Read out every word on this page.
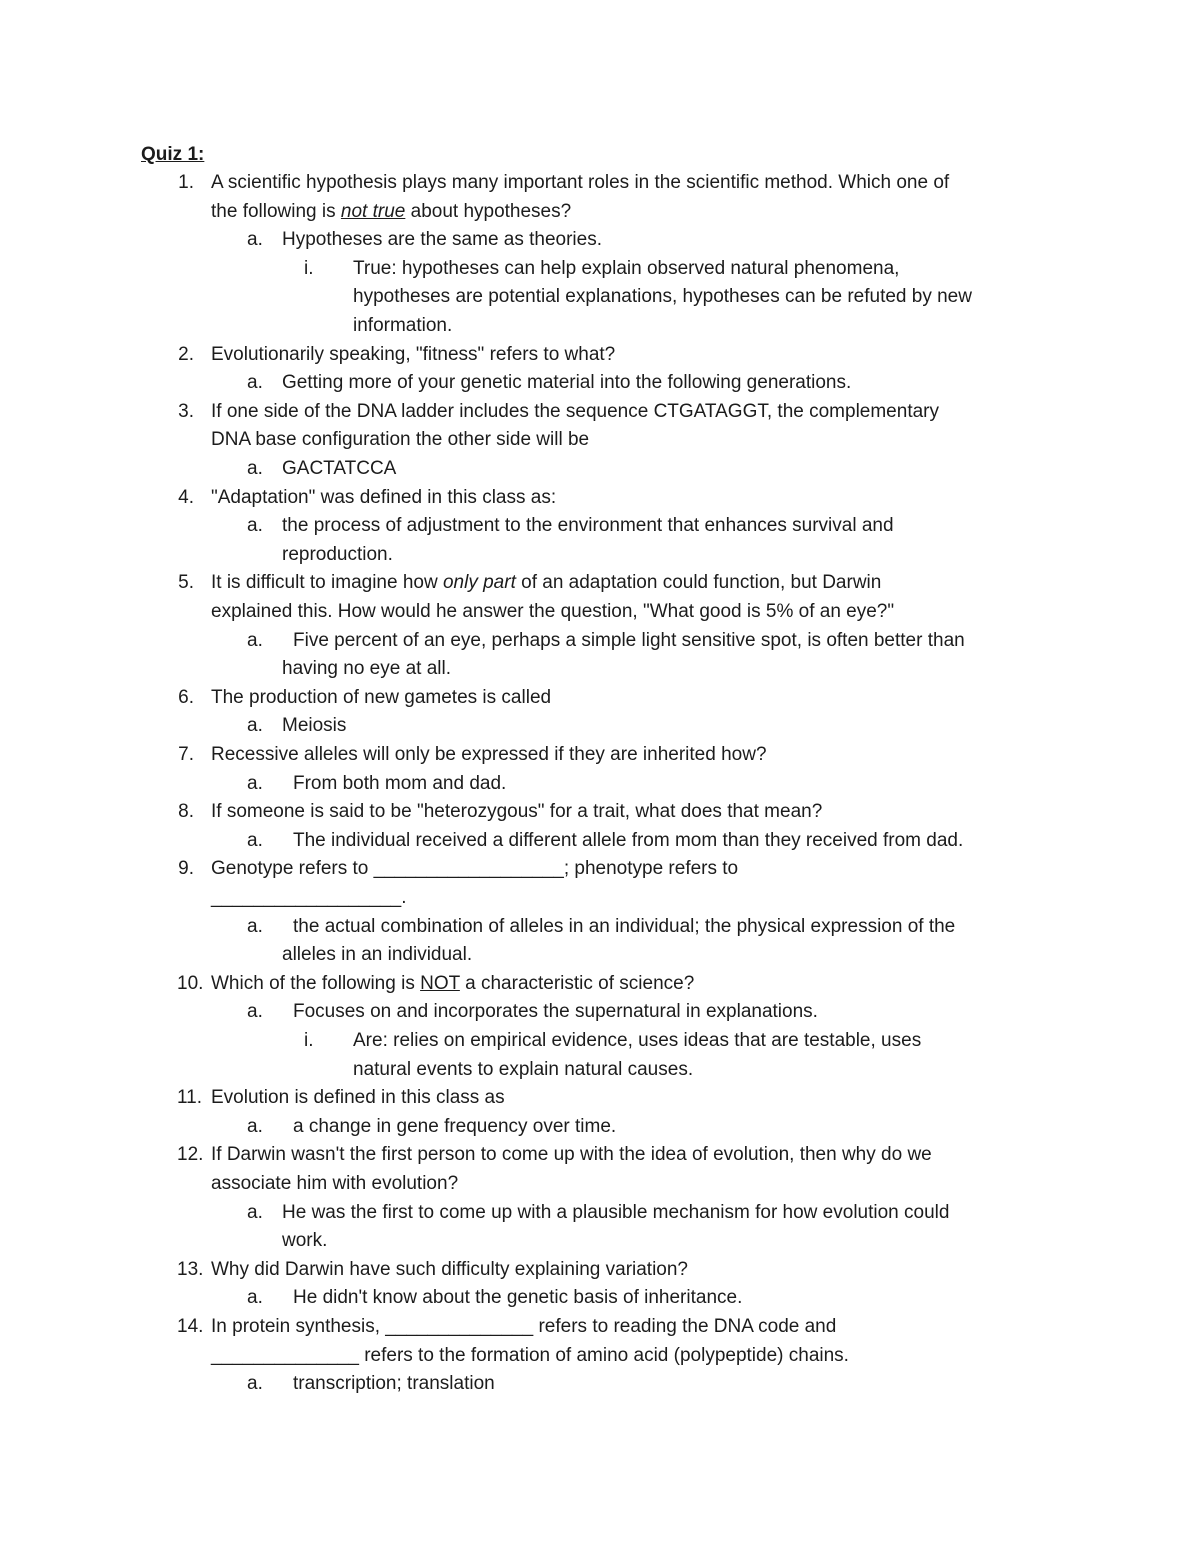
Quiz 1:
1. A scientific hypothesis plays many important roles in the scientific method. Which one of
the following is not true about hypotheses?
a. Hypotheses are the same as theories.
i. True: hypotheses can help explain observed natural phenomena,
hypotheses are potential explanations, hypotheses can be refuted by new
information.
2. Evolutionarily speaking, "fitness" refers to what?
a. Getting more of your genetic material into the following generations.
3. If one side of the DNA ladder includes the sequence CTGATAGGT, the complementary
DNA base configuration the other side will be
a. GACTATCCA
4. "Adaptation" was defined in this class as:
a. the process of adjustment to the environment that enhances survival and
reproduction.
5. It is difficult to imagine how only part of an adaptation could function, but Darwin
explained this. How would he answer the question, "What good is 5% of an eye?"
a. Five percent of an eye, perhaps a simple light sensitive spot, is often better than
having no eye at all.
6. The production of new gametes is called
a. Meiosis
7. Recessive alleles will only be expressed if they are inherited how?
a. From both mom and dad.
8. If someone is said to be "heterozygous" for a trait, what does that mean?
a. The individual received a different allele from mom than they received from dad.
9. Genotype refers to __________________; phenotype refers to
__________________.
a. the actual combination of alleles in an individual; the physical expression of the
alleles in an individual.
10. Which of the following is NOT a characteristic of science?
a. Focuses on and incorporates the supernatural in explanations.
i. Are: relies on empirical evidence, uses ideas that are testable, uses
natural events to explain natural causes.
11. Evolution is defined in this class as
a. a change in gene frequency over time.
12. If Darwin wasn't the first person to come up with the idea of evolution, then why do we
associate him with evolution?
a. He was the first to come up with a plausible mechanism for how evolution could
work.
13. Why did Darwin have such difficulty explaining variation?
a. He didn't know about the genetic basis of inheritance.
14. In protein synthesis, ______________ refers to reading the DNA code and
______________ refers to the formation of amino acid (polypeptide) chains.
a. transcription; translation
